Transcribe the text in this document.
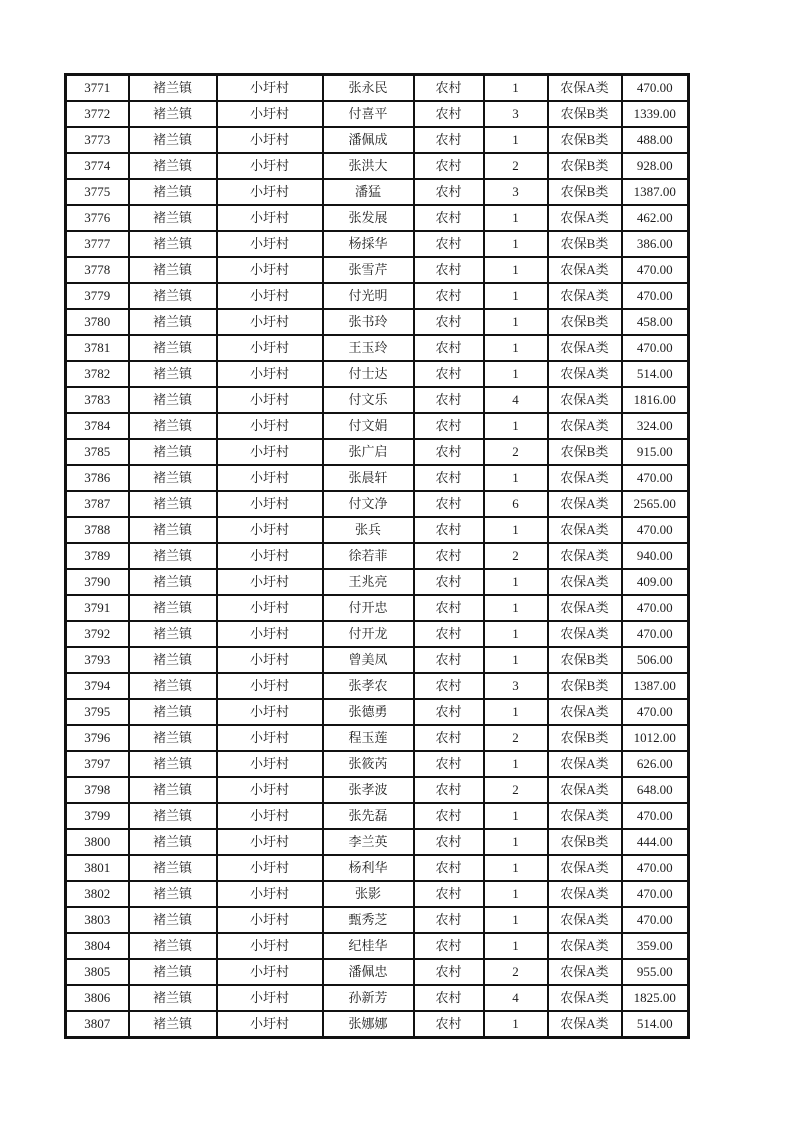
3771	褚兰镇	小圩村	张永民	农村	1	农保A类	470.00
3772	褚兰镇	小圩村	付喜平	农村	3	农保B类	1339.00
3773	褚兰镇	小圩村	潘佩成	农村	1	农保B类	488.00
3774	褚兰镇	小圩村	张洪大	农村	2	农保B类	928.00
3775	褚兰镇	小圩村	潘猛	农村	3	农保B类	1387.00
3776	褚兰镇	小圩村	张发展	农村	1	农保A类	462.00
3777	褚兰镇	小圩村	杨採华	农村	1	农保B类	386.00
3778	褚兰镇	小圩村	张雪芹	农村	1	农保A类	470.00
3779	褚兰镇	小圩村	付光明	农村	1	农保A类	470.00
3780	褚兰镇	小圩村	张书玲	农村	1	农保B类	458.00
3781	褚兰镇	小圩村	王玉玲	农村	1	农保A类	470.00
3782	褚兰镇	小圩村	付士达	农村	1	农保A类	514.00
3783	褚兰镇	小圩村	付文乐	农村	4	农保A类	1816.00
3784	褚兰镇	小圩村	付文娟	农村	1	农保A类	324.00
3785	褚兰镇	小圩村	张广启	农村	2	农保B类	915.00
3786	褚兰镇	小圩村	张晨轩	农村	1	农保A类	470.00
3787	褚兰镇	小圩村	付文净	农村	6	农保A类	2565.00
3788	褚兰镇	小圩村	张兵	农村	1	农保A类	470.00
3789	褚兰镇	小圩村	徐若菲	农村	2	农保A类	940.00
3790	褚兰镇	小圩村	王兆亮	农村	1	农保A类	409.00
3791	褚兰镇	小圩村	付开忠	农村	1	农保A类	470.00
3792	褚兰镇	小圩村	付开龙	农村	1	农保A类	470.00
3793	褚兰镇	小圩村	曾美凤	农村	1	农保B类	506.00
3794	褚兰镇	小圩村	张孝农	农村	3	农保B类	1387.00
3795	褚兰镇	小圩村	张德勇	农村	1	农保A类	470.00
3796	褚兰镇	小圩村	程玉莲	农村	2	农保B类	1012.00
3797	褚兰镇	小圩村	张筱芮	农村	1	农保A类	626.00
3798	褚兰镇	小圩村	张孝波	农村	2	农保A类	648.00
3799	褚兰镇	小圩村	张先磊	农村	1	农保A类	470.00
3800	褚兰镇	小圩村	李兰英	农村	1	农保B类	444.00
3801	褚兰镇	小圩村	杨利华	农村	1	农保A类	470.00
3802	褚兰镇	小圩村	张影	农村	1	农保A类	470.00
3803	褚兰镇	小圩村	甄秀芝	农村	1	农保A类	470.00
3804	褚兰镇	小圩村	纪桂华	农村	1	农保A类	359.00
3805	褚兰镇	小圩村	潘佩忠	农村	2	农保A类	955.00
3806	褚兰镇	小圩村	孙新芳	农村	4	农保A类	1825.00
3807	褚兰镇	小圩村	张娜娜	农村	1	农保A类	514.00
